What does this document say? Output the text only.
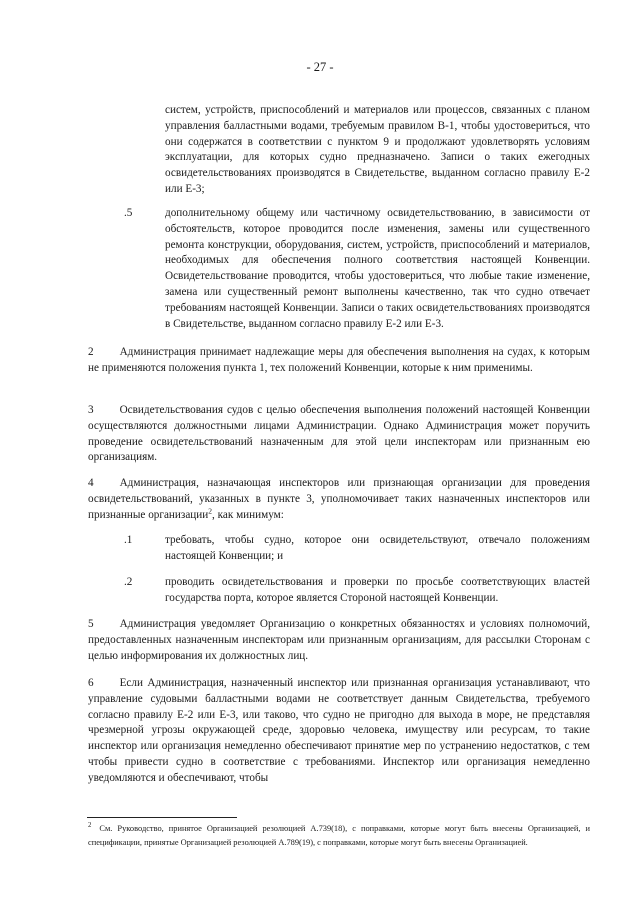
- 27 -
систем, устройств, приспособлений и материалов или процессов, связанных с планом управления балластными водами, требуемым правилом B-1, чтобы удостовериться, что они содержатся в соответствии с пунктом 9 и продолжают удовлетворять условиям эксплуатации, для которых судно предназначено. Записи о таких ежегодных освидетельствованиях производятся в Свидетельстве, выданном согласно правилу E-2 или E-3;
.5	дополнительному общему или частичному освидетельствованию, в зависимости от обстоятельств, которое проводится после изменения, замены или существенного ремонта конструкции, оборудования, систем, устройств, приспособлений и материалов, необходимых для обеспечения полного соответствия настоящей Конвенции. Освидетельствование проводится, чтобы удостовериться, что любые такие изменение, замена или существенный ремонт выполнены качественно, так что судно отвечает требованиям настоящей Конвенции. Записи о таких освидетельствованиях производятся в Свидетельстве, выданном согласно правилу E-2 или E-3.
2 Администрация принимает надлежащие меры для обеспечения выполнения на судах, к которым не применяются положения пункта 1, тех положений Конвенции, которые к ним применимы.
3 Освидетельствования судов с целью обеспечения выполнения положений настоящей Конвенции осуществляются должностными лицами Администрации. Однако Администрация может поручить проведение освидетельствований назначенным для этой цели инспекторам или признанным ею организациям.
4 Администрация, назначающая инспекторов или признающая организации для проведения освидетельствований, указанных в пункте 3, уполномочивает таких назначенных инспекторов или признанные организации$^2$, как минимум:
.1	требовать, чтобы судно, которое они освидетельствуют, отвечало положениям настоящей Конвенции; и
.2	проводить освидетельствования и проверки по просьбе соответствующих властей государства порта, которое является Стороной настоящей Конвенции.
5 Администрация уведомляет Организацию о конкретных обязанностях и условиях полномочий, предоставленных назначенным инспекторам или признанным организациям, для рассылки Сторонам с целью информирования их должностных лиц.
6 Если Администрация, назначенный инспектор или признанная организация устанавливают, что управление судовыми балластными водами не соответствует данным Свидетельства, требуемого согласно правилу E-2 или E-3, или таково, что судно не пригодно для выхода в море, не представляя чрезмерной угрозы окружающей среде, здоровью человека, имуществу или ресурсам, то такие инспектор или организация немедленно обеспечивают принятие мер по устранению недостатков, с тем чтобы привести судно в соответствие с требованиями. Инспектор или организация немедленно уведомляются и обеспечивают, чтобы
$^2$ См. Руководство, принятое Организацией резолюцией A.739(18), с поправками, которые могут быть внесены Организацией, и спецификации, принятые Организацией резолюцией A.789(19), с поправками, которые могут быть внесены Организацией.
